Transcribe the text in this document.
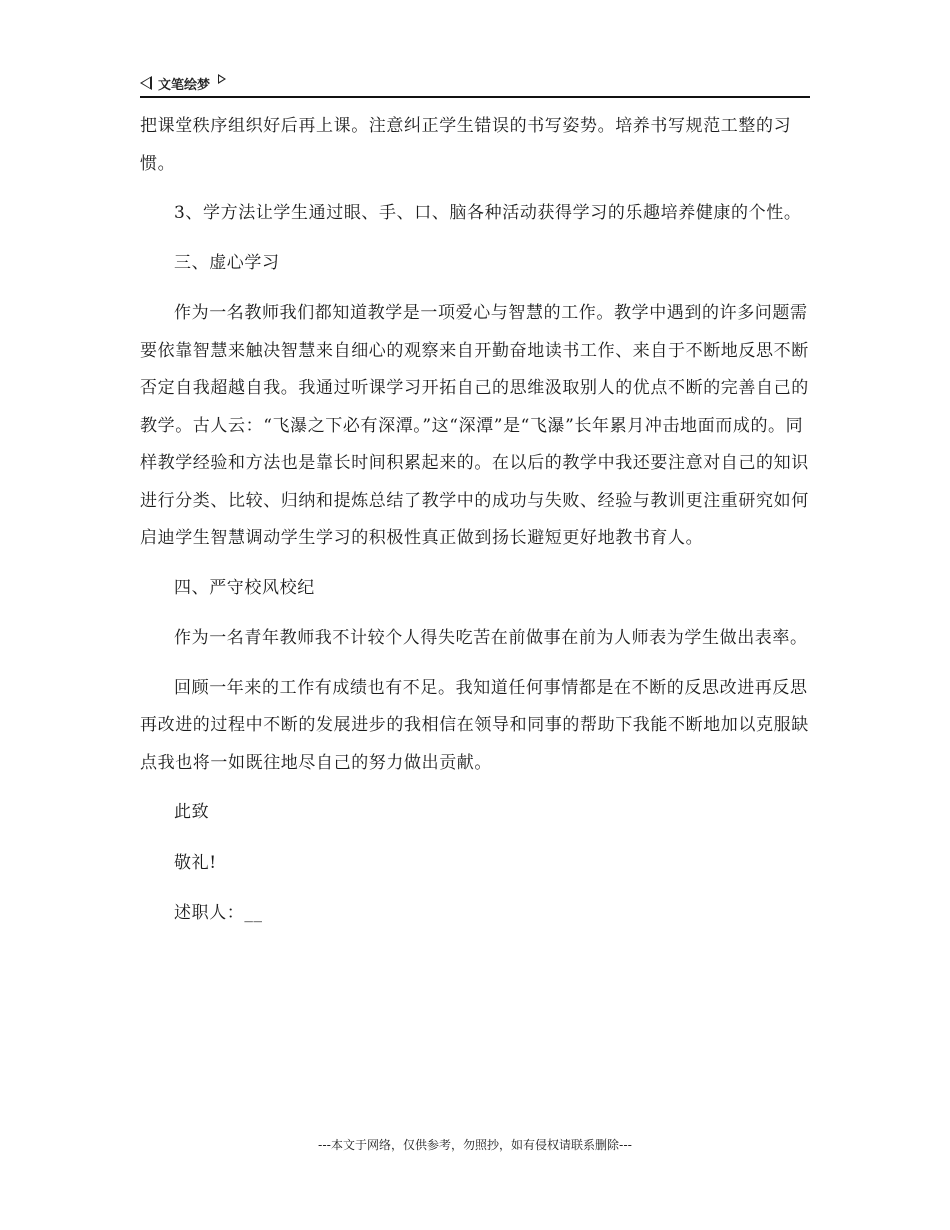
文笔绘梦

把课堂秩序组织好后再上课。注意纠正学生错误的书写姿势。培养书写规范工整的习惯。

3、学方法让学生通过眼、手、口、脑各种活动获得学习的乐趣培养健康的个性。

三、虚心学习

作为一名教师我们都知道教学是一项爱心与智慧的工作。教学中遇到的许多问题需要依靠智慧来触决智慧来自细心的观察来自开勤奋地读书工作、来自于不断地反思不断否定自我超越自我。我通过听课学习开拓自己的思维汲取别人的优点不断的完善自己的教学。古人云：“飞瀑之下必有深潭。”这“深潭”是“飞瀑”长年累月冲击地面而成的。同样教学经验和方法也是靠长时间积累起来的。在以后的教学中我还要注意对自己的知识进行分类、比较、归纳和提炼总结了教学中的成功与失败、经验与教训更注重研究如何启迪学生智慧调动学生学习的积极性真正做到扬长避短更好地教书育人。

四、严守校风校纪

作为一名青年教师我不计较个人得失吃苦在前做事在前为人师表为学生做出表率。

回顾一年来的工作有成绩也有不足。我知道任何事情都是在不断的反思改进再反思再改进的过程中不断的发展进步的我相信在领导和同事的帮助下我能不断地加以克服缺点我也将一如既往地尽自己的努力做出贡献。

此致

敬礼!

述职人：__

---本文于网络，仅供参考，勿照抄，如有侵权请联系删除---
